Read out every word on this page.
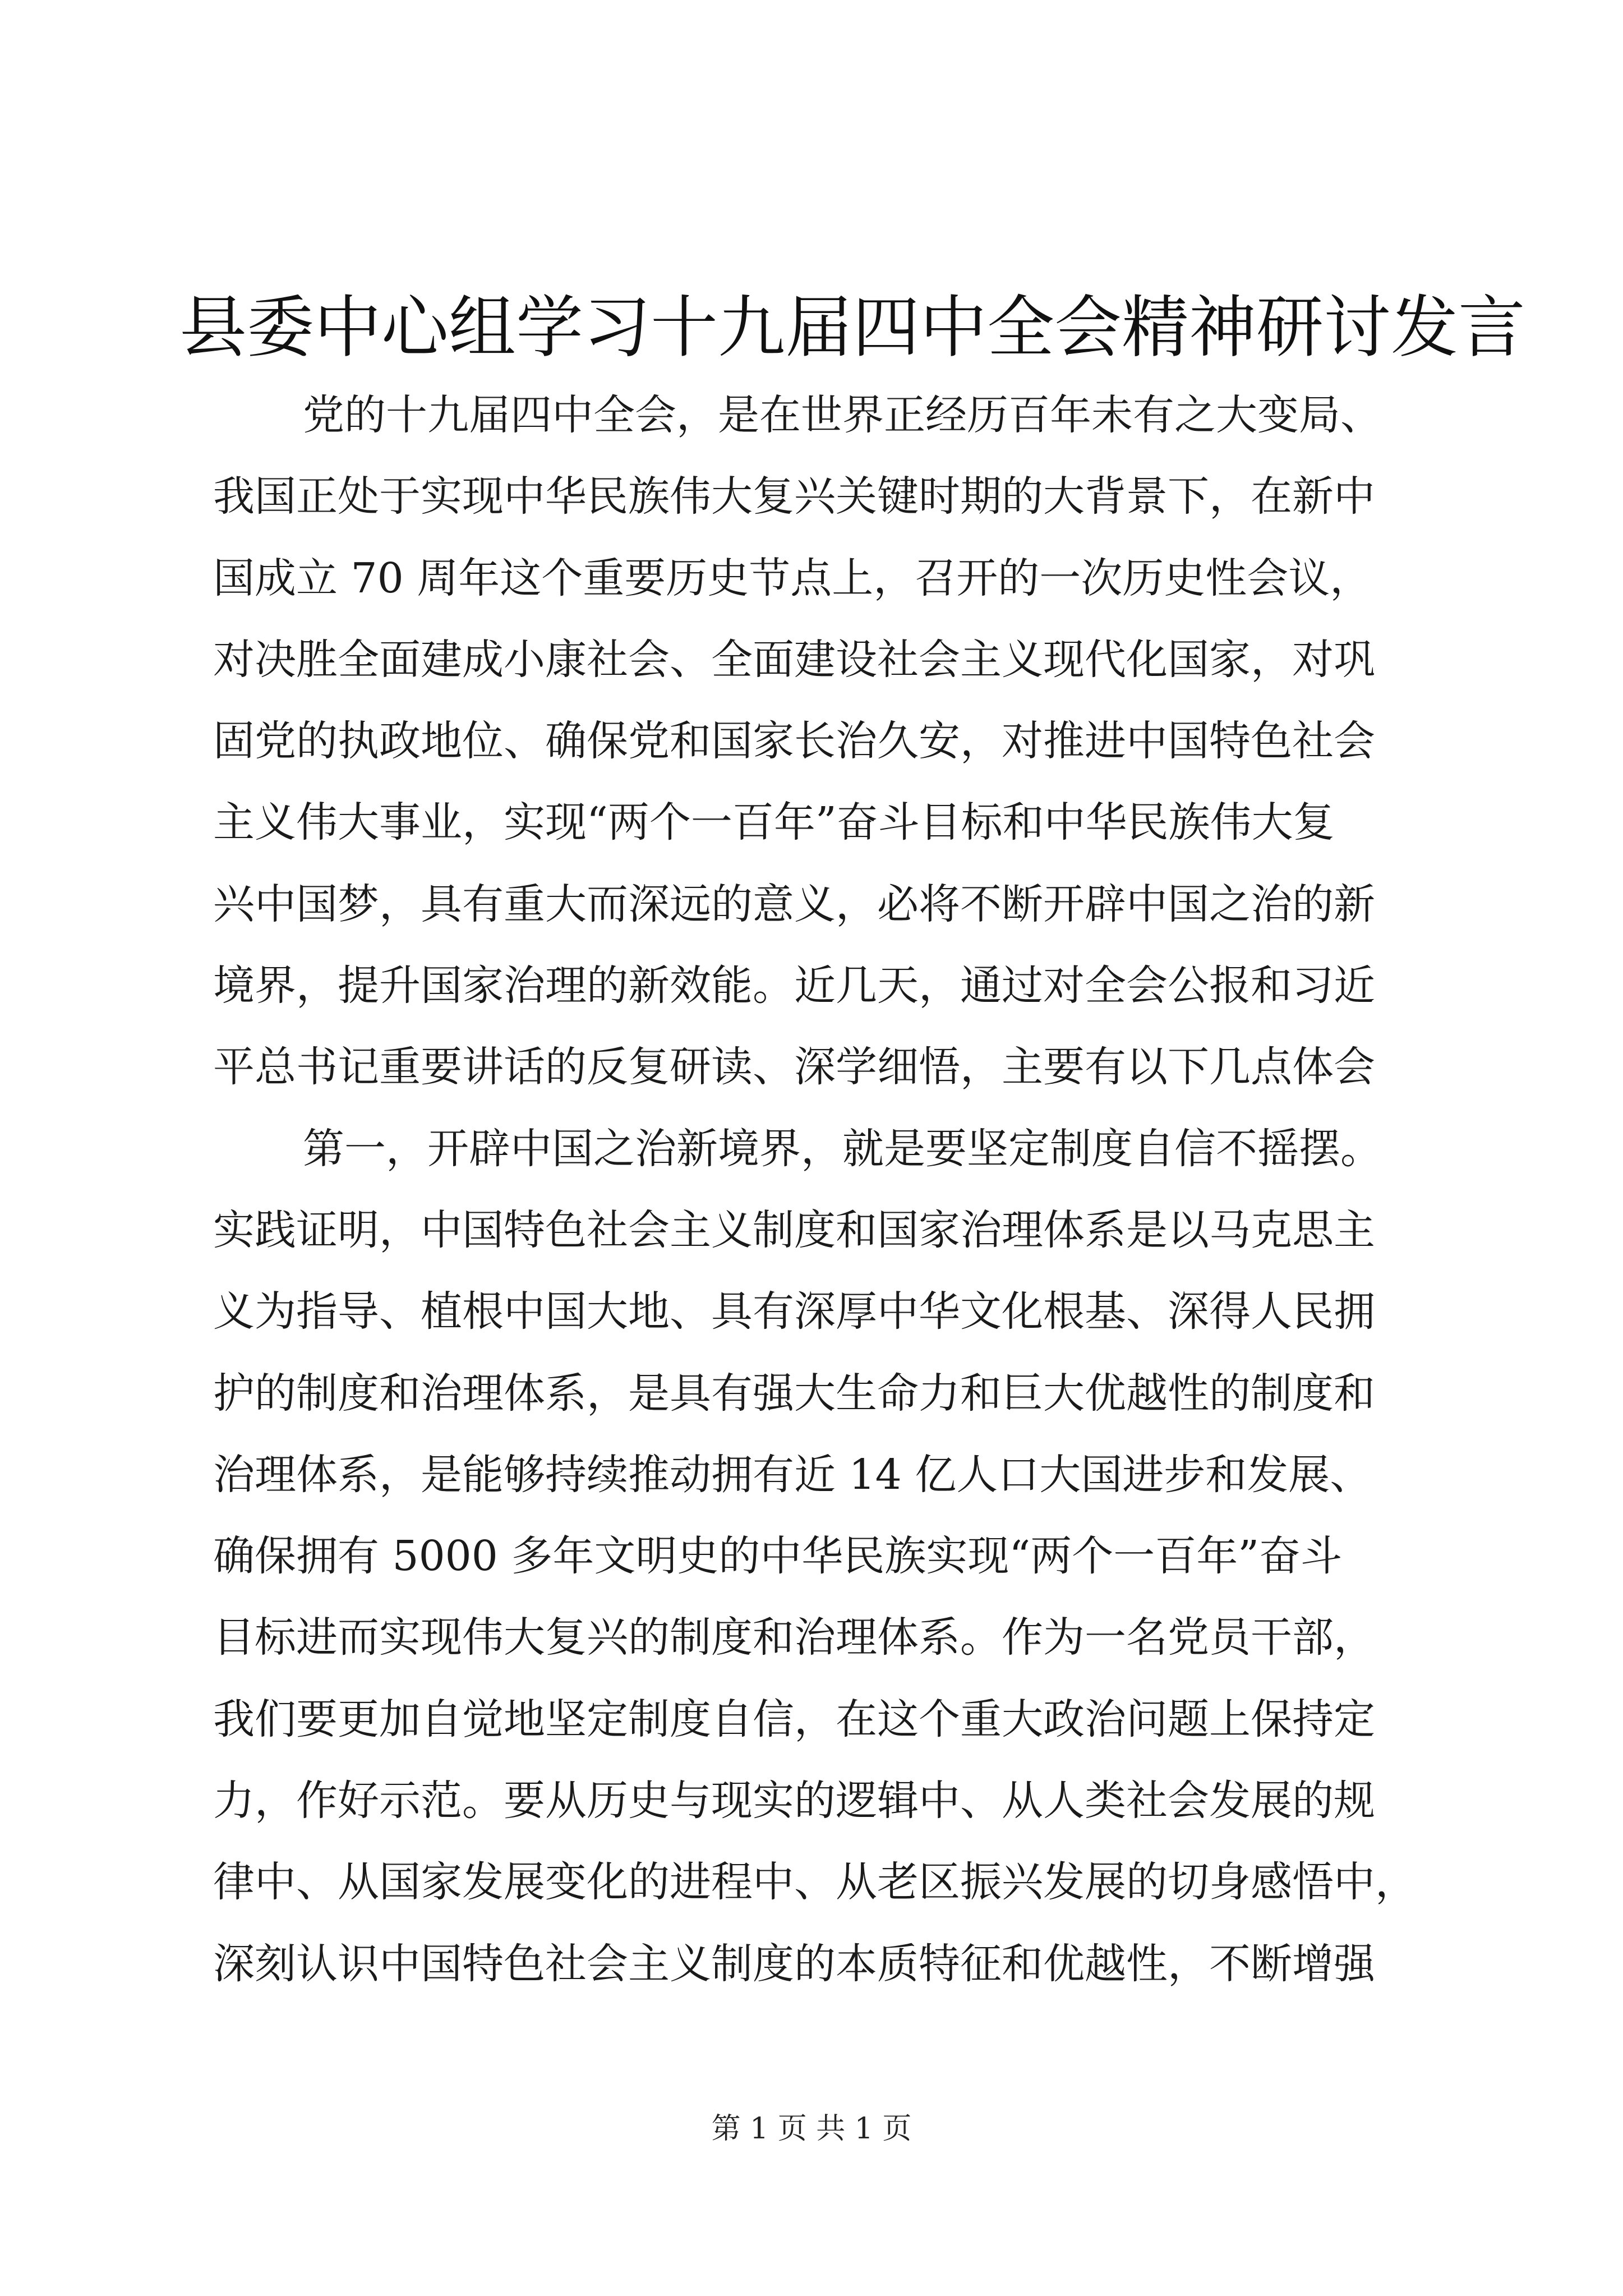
县委中心组学习十九届四中全会精神研讨发言
党的十九届四中全会，是在世界正经历百年未有之大变局、
我国正处于实现中华民族伟大复兴关键时期的大背景下，在新中
国成立 70 周年这个重要历史节点上，召开的一次历史性会议，
对决胜全面建成小康社会、全面建设社会主义现代化国家，对巩
固党的执政地位、确保党和国家长治久安，对推进中国特色社会
主义伟大事业，实现“两个一百年”奋斗目标和中华民族伟大复
兴中国梦，具有重大而深远的意义，必将不断开辟中国之治的新
境界，提升国家治理的新效能。近几天，通过对全会公报和习近
平总书记重要讲话的反复研读、深学细悟，主要有以下几点体会
第一，开辟中国之治新境界，就是要坚定制度自信不摇摆。
实践证明，中国特色社会主义制度和国家治理体系是以马克思主
义为指导、植根中国大地、具有深厚中华文化根基、深得人民拥
护的制度和治理体系，是具有强大生命力和巨大优越性的制度和
治理体系，是能够持续推动拥有近 14 亿人口大国进步和发展、
确保拥有 5000 多年文明史的中华民族实现“两个一百年”奋斗
目标进而实现伟大复兴的制度和治理体系。作为一名党员干部，
我们要更加自觉地坚定制度自信，在这个重大政治问题上保持定
力，作好示范。要从历史与现实的逻辑中、从人类社会发展的规
律中、从国家发展变化的进程中、从老区振兴发展的切身感悟中，
深刻认识中国特色社会主义制度的本质特征和优越性，不断增强
第 1 页 共 1 页
